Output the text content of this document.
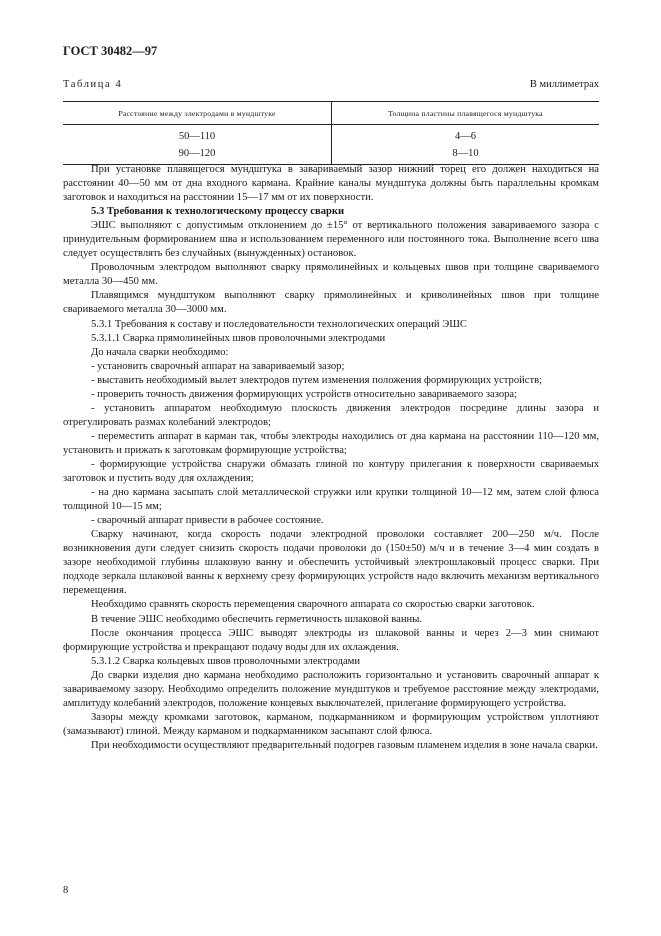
ГОСТ 30482—97
Таблица 4	В миллиметрах
Расстояние между электродами в мундштуке	Толщина пластины плавящегося мундштука
50—110	4—6
90—120	8—10

При установке плавящегося мундштука в завариваемый зазор нижний торец его должен находиться на расстоянии 40—50 мм от дна входного кармана. Крайние каналы мундштука должны быть параллельны кромкам заготовок и находиться на расстоянии 15—17 мм от их поверхности.

5.3 Требования к технологическому процессу сварки

ЭШС выполняют с допустимым отклонением до ±15° от вертикального положения завариваемого зазора с принудительным формированием шва и использованием переменного или постоянного тока. Выполнение всего шва следует осуществлять без случайных (вынужденных) остановок.

Проволочным электродом выполняют сварку прямолинейных и кольцевых швов при толщине свариваемого металла 30—450 мм.

Плавящимся мундштуком выполняют сварку прямолинейных и криволинейных швов при толщине свариваемого металла 30—3000 мм.

5.3.1 Требования к составу и последовательности технологических операций ЭШС

5.3.1.1 Сварка прямолинейных швов проволочными электродами

До начала сварки необходимо:

- установить сварочный аппарат на завариваемый зазор;

- выставить необходимый вылет электродов путем изменения положения формирующих устройств;

- проверить точность движения формирующих устройств относительно завариваемого зазора;

- установить аппаратом необходимую плоскость движения электродов посредине длины зазора и отрегулировать размах колебаний электродов;

- переместить аппарат в карман так, чтобы электроды находились от дна кармана на расстоянии 110—120 мм, установить и прижать к заготовкам формирующие устройства;

- формирующие устройства снаружи обмазать глиной по контуру прилегания к поверхности свариваемых заготовок и пустить воду для охлаждения;

- на дно кармана засыпать слой металлической стружки или крупки толщиной 10—12 мм, затем слой флюса толщиной 10—15 мм;

- сварочный аппарат привести в рабочее состояние.

Сварку начинают, когда скорость подачи электродной проволоки составляет 200—250 м/ч. После возникновения дуги следует снизить скорость подачи проволоки до (150±50) м/ч и в течение 3—4 мин создать в зазоре необходимой глубины шлаковую ванну и обеспечить устойчивый электрошлаковый процесс сварки. При подходе зеркала шлаковой ванны к верхнему срезу формирующих устройств надо включить механизм вертикального перемещения.

Необходимо сравнять скорость перемещения сварочного аппарата со скоростью сварки заготовок.

В течение ЭШС необходимо обеспечить герметичность шлаковой ванны.

После окончания процесса ЭШС выводят электроды из шлаковой ванны и через 2—3 мин снимают формирующие устройства и прекращают подачу воды для их охлаждения.

5.3.1.2 Сварка кольцевых швов проволочными электродами

До сварки изделия дно кармана необходимо расположить горизонтально и установить сварочный аппарат к завариваемому зазору. Необходимо определить положение мундштуков и требуемое расстояние между электродами, амплитуду колебаний электродов, положение концевых выключателей, прилегание формирующего устройства.

Зазоры между кромками заготовок, карманом, подкарманником и формирующим устройством уплотняют (замазывают) глиной. Между карманом и подкарманником засыпают слой флюса.

При необходимости осуществляют предварительный подогрев газовым пламенем изделия в зоне начала сварки.

8
